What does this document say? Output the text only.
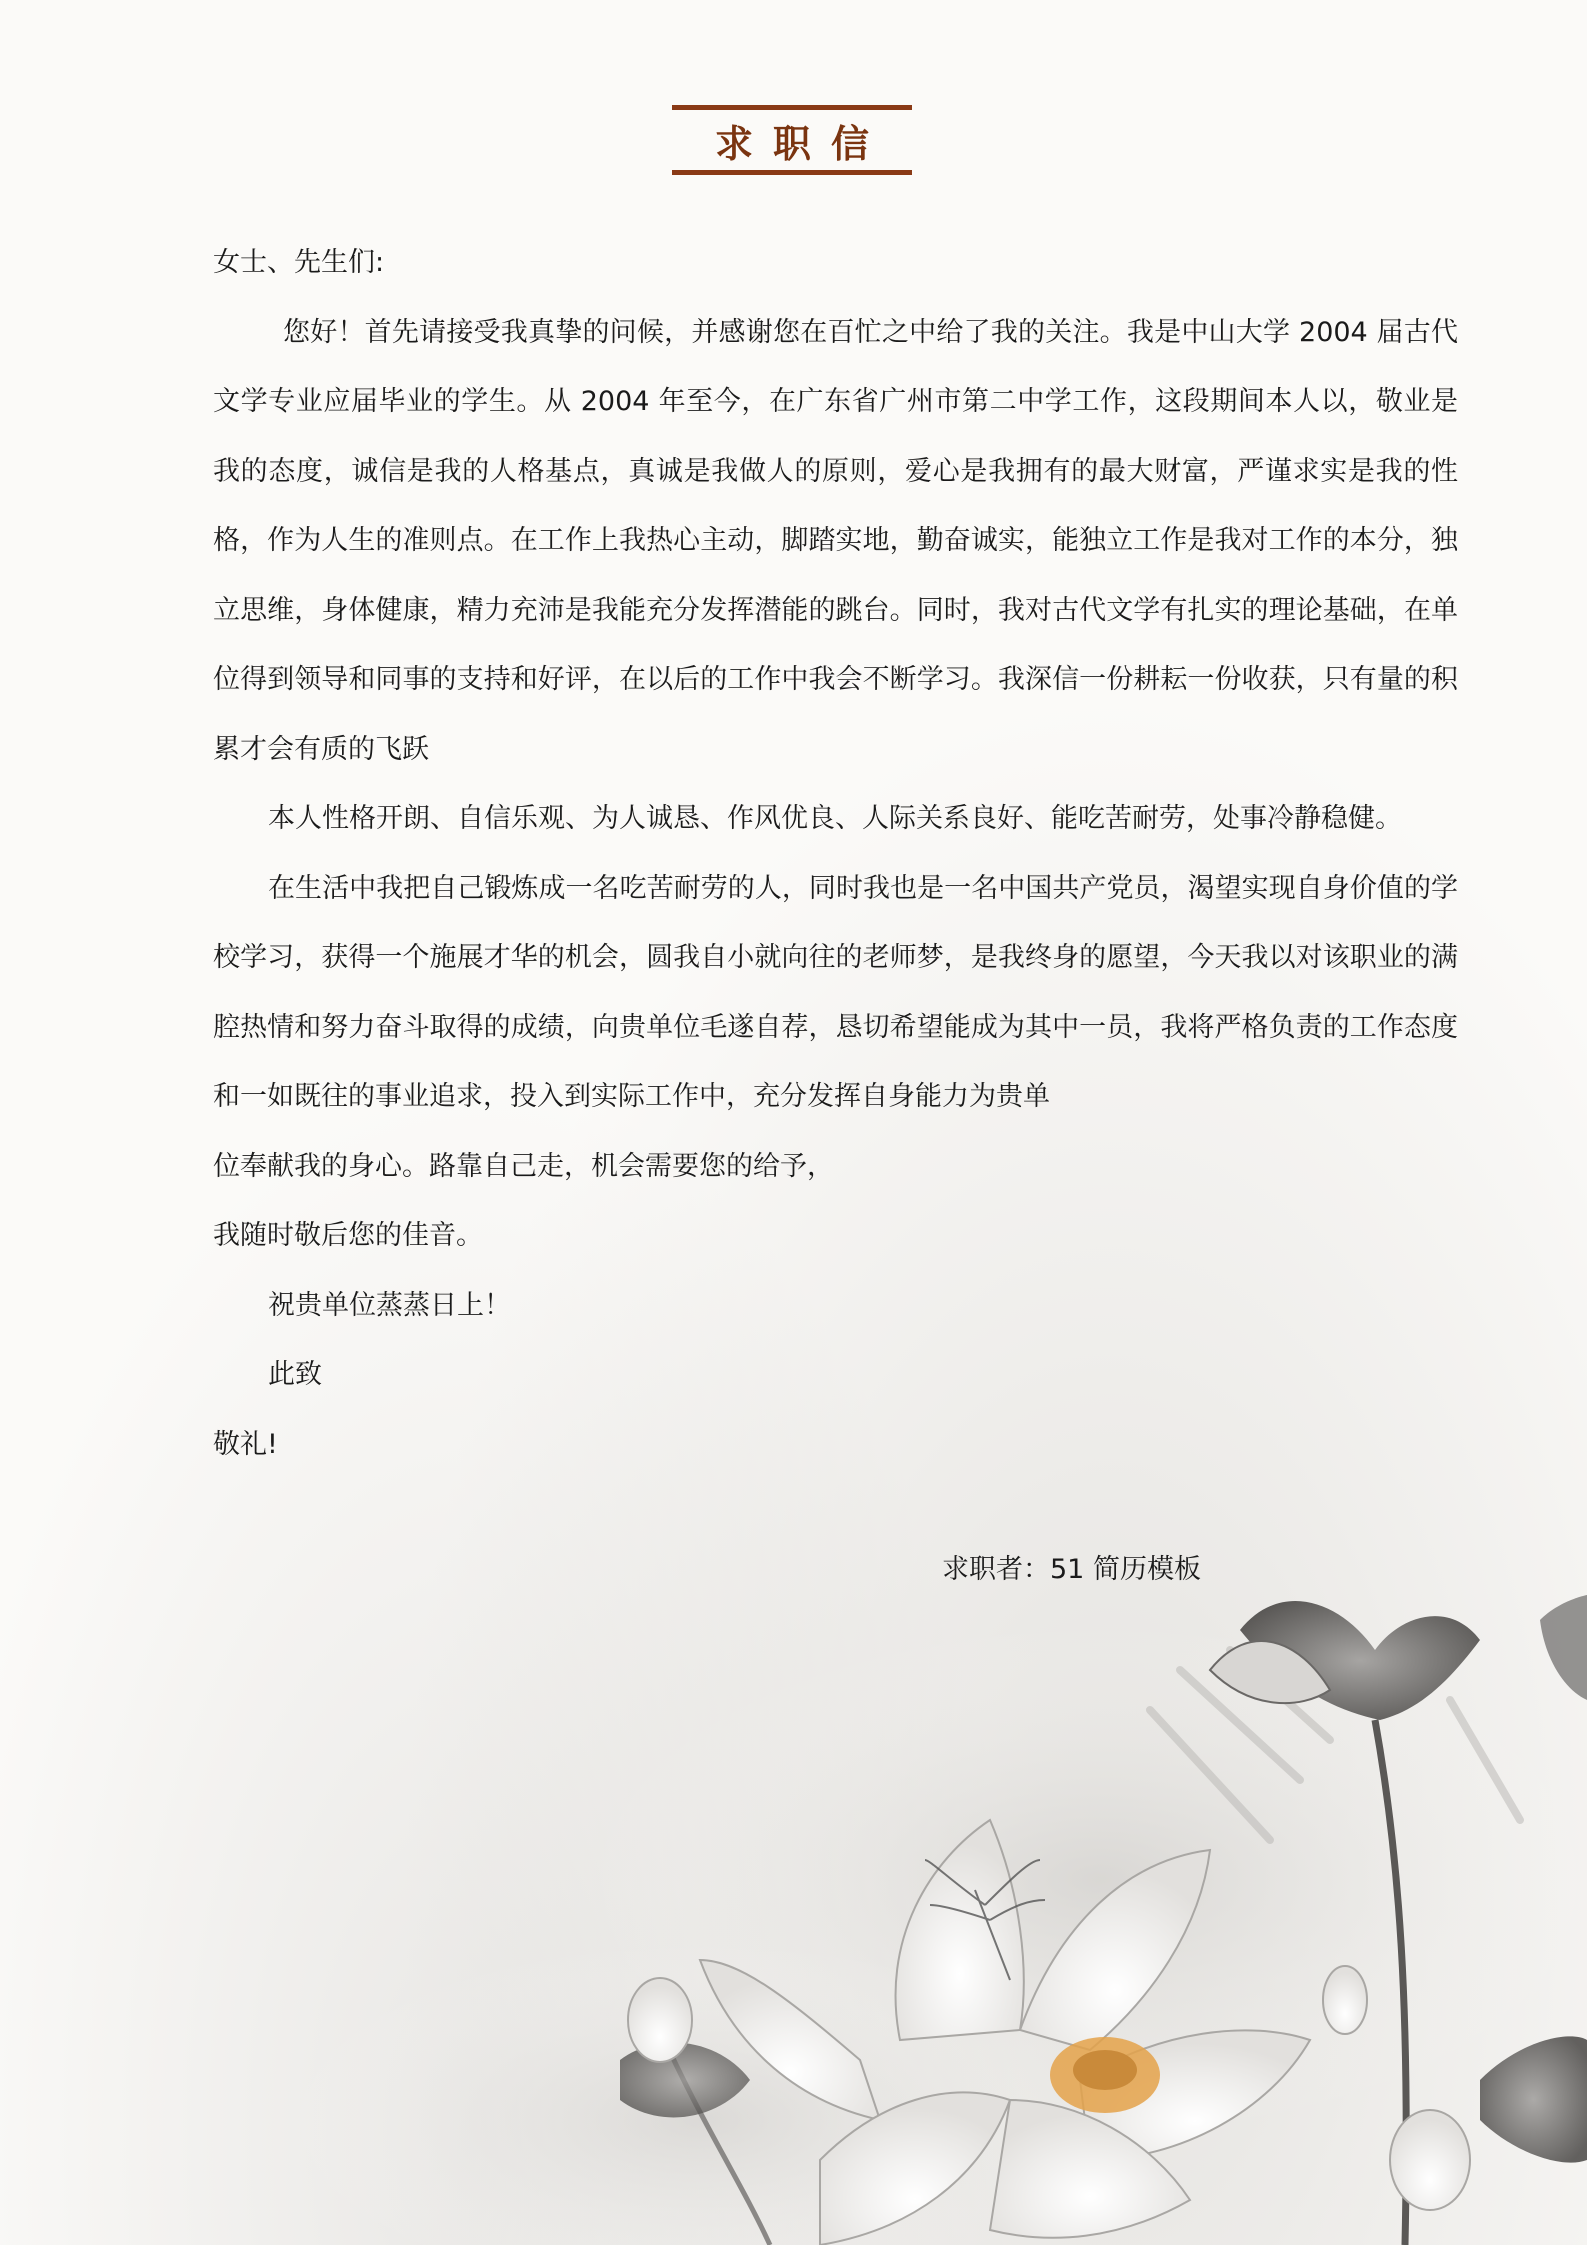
求职信

女士、先生们:

您好！首先请接受我真挚的问候，并感谢您在百忙之中给了我的关注。我是中山大学 2004 届古代文学专业应届毕业的学生。从 2004 年至今，在广东省广州市第二中学工作，这段期间本人以，敬业是我的态度，诚信是我的人格基点，真诚是我做人的原则，爱心是我拥有的最大财富，严谨求实是我的性格，作为人生的准则点。在工作上我热心主动，脚踏实地，勤奋诚实，能独立工作是我对工作的本分，独立思维，身体健康，精力充沛是我能充分发挥潜能的跳台。同时，我对古代文学有扎实的理论基础，在单位得到领导和同事的支持和好评，在以后的工作中我会不断学习。我深信一份耕耘一份收获，只有量的积累才会有质的飞跃

本人性格开朗、自信乐观、为人诚恳、作风优良、人际关系良好、能吃苦耐劳，处事冷静稳健。

在生活中我把自己锻炼成一名吃苦耐劳的人，同时我也是一名中国共产党员，渴望实现自身价值的学校学习，获得一个施展才华的机会，圆我自小就向往的老师梦，是我终身的愿望，今天我以对该职业的满腔热情和努力奋斗取得的成绩，向贵单位毛遂自荐，恳切希望能成为其中一员，我将严格负责的工作态度和一如既往的事业追求，投入到实际工作中，充分发挥自身能力为贵单

位奉献我的身心。路靠自己走，机会需要您的给予，

我随时敬后您的佳音。

祝贵单位蒸蒸日上！

此致

敬礼!

求职者：51 简历模板
